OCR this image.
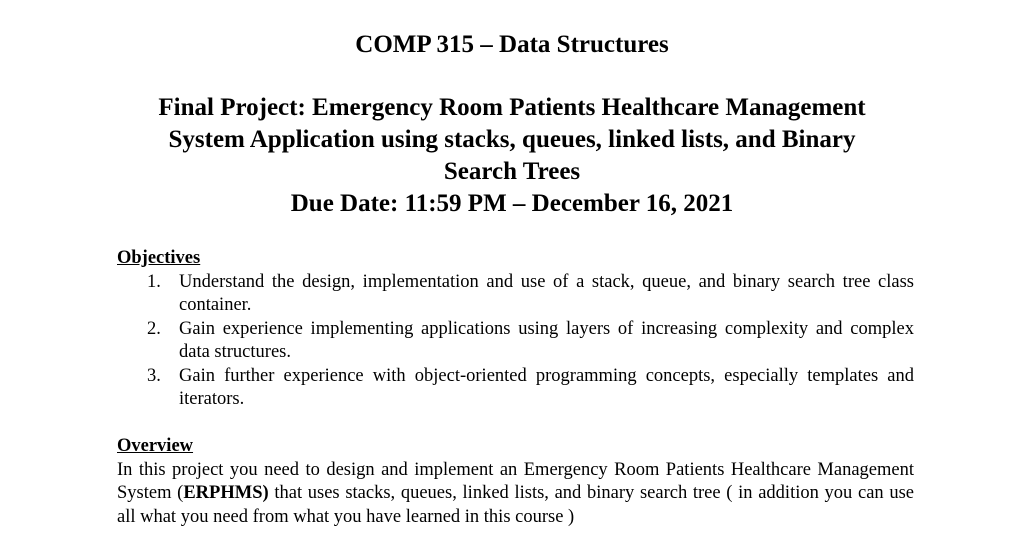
COMP 315 – Data Structures
Final Project: Emergency Room Patients Healthcare Management
System Application using stacks, queues, linked lists, and Binary
Search Trees
Due Date: 11:59 PM – December 16, 2021
Objectives
1. Understand the design, implementation and use of a stack, queue, and binary search tree class container.
2. Gain experience implementing applications using layers of increasing complexity and complex data structures.
3. Gain further experience with object-oriented programming concepts, especially templates and iterators.
Overview

In this project you need to design and implement an Emergency Room Patients Healthcare Management System (ERPHMS) that uses stacks, queues, linked lists, and binary search tree ( in addition you can use all what you need from what you have learned in this course )
